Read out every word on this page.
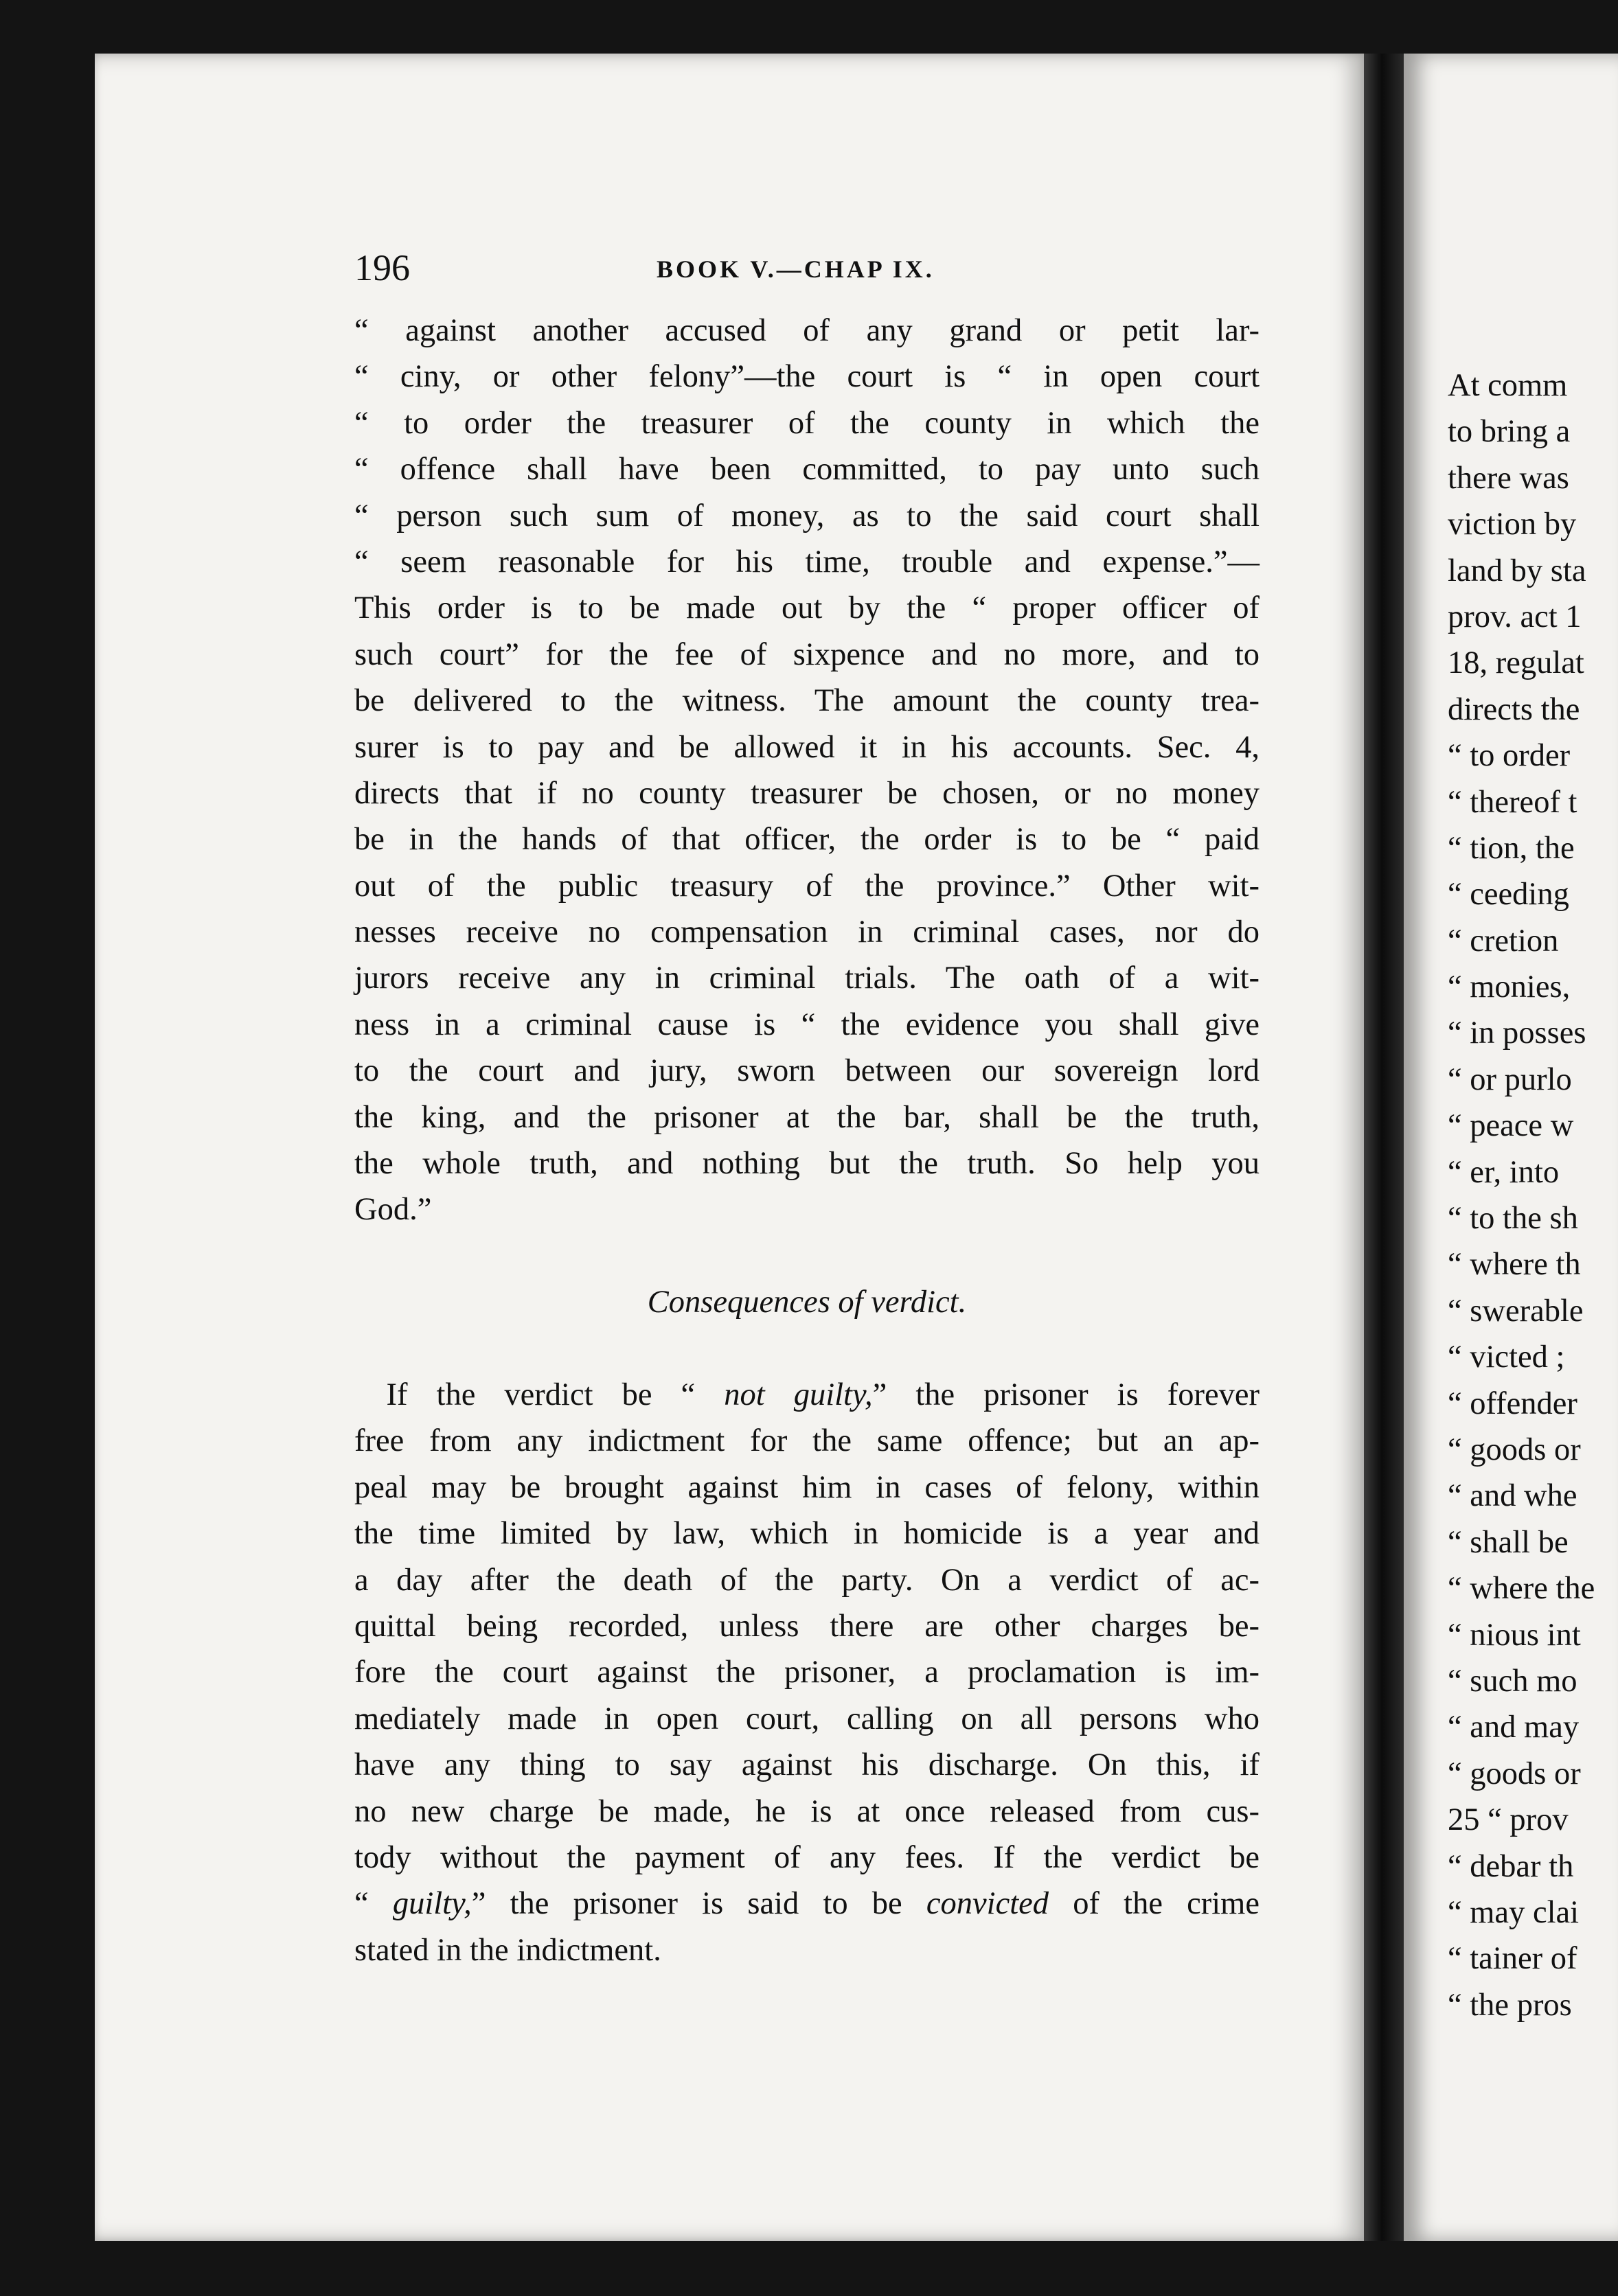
At comm
to bring a
there was
viction by
land by sta
prov. act 1
18, regulat
directs the
“ to order
“ thereof t
“ tion, the
“ ceeding
“ cretion
“ monies,
“ in posses
“ or purlo
“ peace w
“ er, into
“ to the sh
“ where th
“ swerable
“ victed ;
“ offender
“ goods or
“ and whe
“ shall be
“ where the
“ nious int
“ such mo
“ and may
“ goods or
25 “ prov
“ debar th
“ may clai
“ tainer of
“ the pros
196	BOOK V.—CHAP IX.
“ against another accused of any grand or petit lar-
“ ciny, or other felony”—the court is “ in open court
“ to order the treasurer of the county in which the
“ offence shall have been committed, to pay unto such
“ person such sum of money, as to the said court shall
“ seem reasonable for his time, trouble and expense.”—
This order is to be made out by the “ proper officer of
such court” for the fee of sixpence and no more, and to
be delivered to the witness. The amount the county trea-
surer is to pay and be allowed it in his accounts. Sec. 4,
directs that if no county treasurer be chosen, or no money
be in the hands of that officer, the order is to be “ paid
out of the public treasury of the province.” Other wit-
nesses receive no compensation in criminal cases, nor do
jurors receive any in criminal trials. The oath of a wit-
ness in a criminal cause is “ the evidence you shall give
to the court and jury, sworn between our sovereign lord
the king, and the prisoner at the bar, shall be the truth,
the whole truth, and nothing but the truth. So help you
God.”
Consequences of verdict.
 If the verdict be “ not guilty,” the prisoner is forever
free from any indictment for the same offence; but an ap-
peal may be brought against him in cases of felony, within
the time limited by law, which in homicide is a year and
a day after the death of the party. On a verdict of ac-
quittal being recorded, unless there are other charges be-
fore the court against the prisoner, a proclamation is im-
mediately made in open court, calling on all persons who
have any thing to say against his discharge. On this, if
no new charge be made, he is at once released from cus-
tody without the payment of any fees. If the verdict be
“ guilty,” the prisoner is said to be convicted of the crime
stated in the indictment.
